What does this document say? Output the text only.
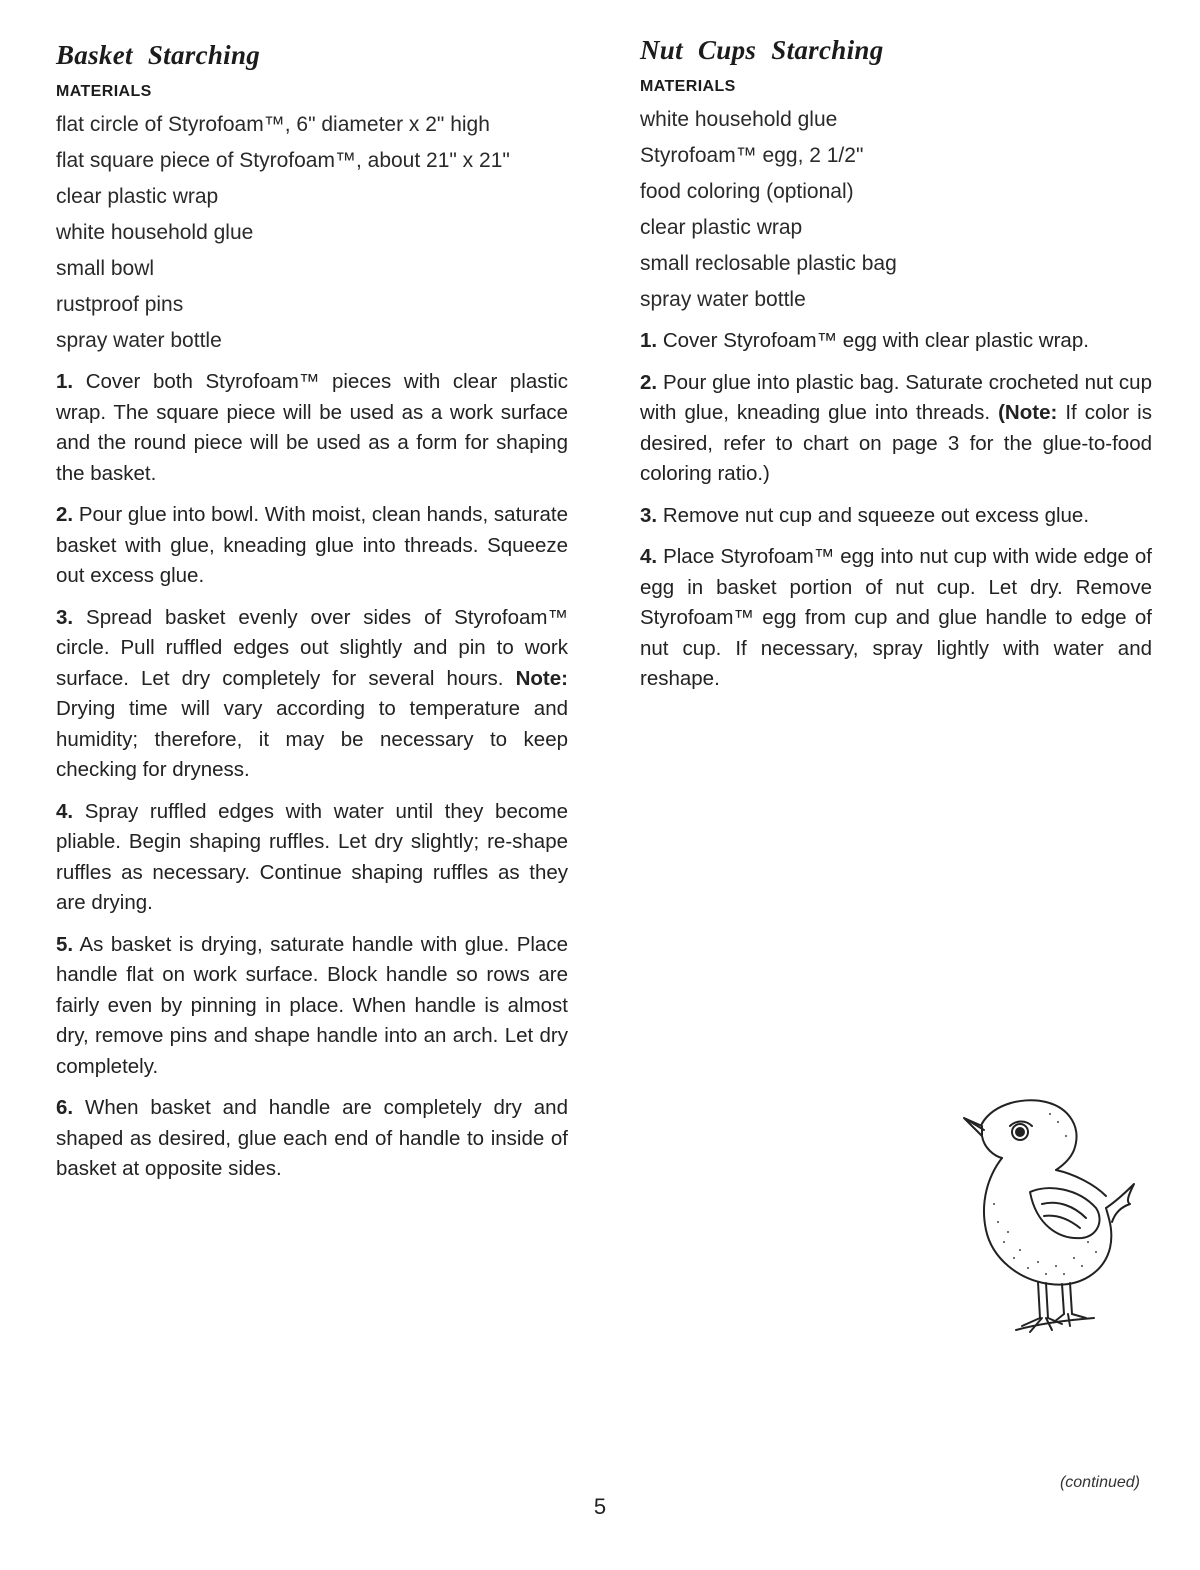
Basket Starching
MATERIALS
flat circle of Styrofoam™, 6" diameter x 2" high
flat square piece of Styrofoam™, about 21" x 21"
clear plastic wrap
white household glue
small bowl
rustproof pins
spray water bottle

1. Cover both Styrofoam™ pieces with clear plastic wrap. The square piece will be used as a work surface and the round piece will be used as a form for shaping the basket.

2. Pour glue into bowl. With moist, clean hands, saturate basket with glue, kneading glue into threads. Squeeze out excess glue.

3. Spread basket evenly over sides of Styrofoam™ circle. Pull ruffled edges out slightly and pin to work surface. Let dry completely for several hours. Note: Drying time will vary according to temperature and humidity; therefore, it may be necessary to keep checking for dryness.

4. Spray ruffled edges with water until they become pliable. Begin shaping ruffles. Let dry slightly; re-shape ruffles as necessary. Continue shaping ruffles as they are drying.

5. As basket is drying, saturate handle with glue. Place handle flat on work surface. Block handle so rows are fairly even by pinning in place. When handle is almost dry, remove pins and shape handle into an arch. Let dry completely.

6. When basket and handle are completely dry and shaped as desired, glue each end of handle to inside of basket at opposite sides.

Nut Cups Starching
MATERIALS
white household glue
Styrofoam™ egg, 2 1/2"
food coloring (optional)
clear plastic wrap
small reclosable plastic bag
spray water bottle

1. Cover Styrofoam™ egg with clear plastic wrap.

2. Pour glue into plastic bag. Saturate crocheted nut cup with glue, kneading glue into threads. (Note: If color is desired, refer to chart on page 3 for the glue-to-food coloring ratio.)

3. Remove nut cup and squeeze out excess glue.

4. Place Styrofoam™ egg into nut cup with wide edge of egg in basket portion of nut cup. Let dry. Remove Styrofoam™ egg from cup and glue handle to edge of nut cup. If necessary, spray lightly with water and reshape.

(continued)
5
